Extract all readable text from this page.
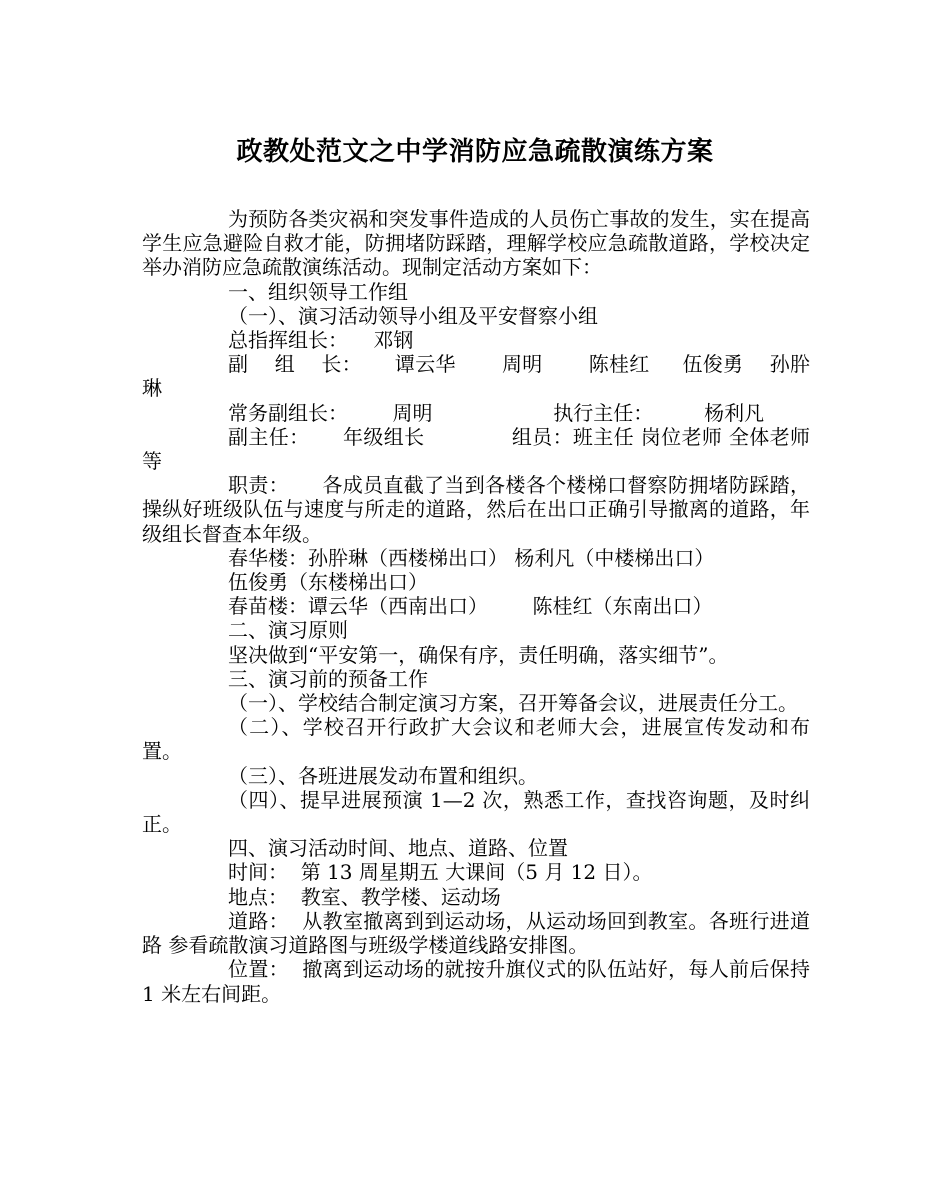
政教处范文之中学消防应急疏散演练方案

为预防各类灾祸和突发事件造成的人员伤亡事故的发生，实在提高学生应急避险自救才能，防拥堵防踩踏，理解学校应急疏散道路，学校决定举办消防应急疏散演练活动。现制定活动方案如下：

一、组织领导工作组

（一）、演习活动领导小组及平安督察小组

总指挥组长：    邓钢

副    组    长：     谭云华       周明       陈桂红     伍俊勇    孙肸琳

常务副组长：       周明                   执行主任：        杨利凡

副主任：     年级组长             组员：班主任 岗位老师 全体老师等

职责：     各成员直截了当到各楼各个楼梯口督察防拥堵防踩踏，操纵好班级队伍与速度与所走的道路，然后在出口正确引导撤离的道路，年级组长督查本年级。

春华楼：孙肸琳（西楼梯出口） 杨利凡（中楼梯出口）

伍俊勇（东楼梯出口）

春苗楼：谭云华（西南出口）       陈桂红（东南出口）

二、演习原则

坚决做到“平安第一，确保有序，责任明确，落实细节”。

三、演习前的预备工作

（一）、学校结合制定演习方案，召开筹备会议，进展责任分工。

（二）、学校召开行政扩大会议和老师大会，进展宣传发动和布置。

（三）、各班进展发动布置和组织。

（四）、提早进展预演 1—2 次，熟悉工作，查找咨询题，及时纠正。

四、演习活动时间、地点、道路、位置

时间：  第 13 周星期五 大课间（5 月 12 日）。

地点：  教室、教学楼、运动场

道路：  从教室撤离到到运动场，从运动场回到教室。各班行进道路 参看疏散演习道路图与班级学楼道线路安排图。

位置：  撤离到运动场的就按升旗仪式的队伍站好，每人前后保持 1 米左右间距。
